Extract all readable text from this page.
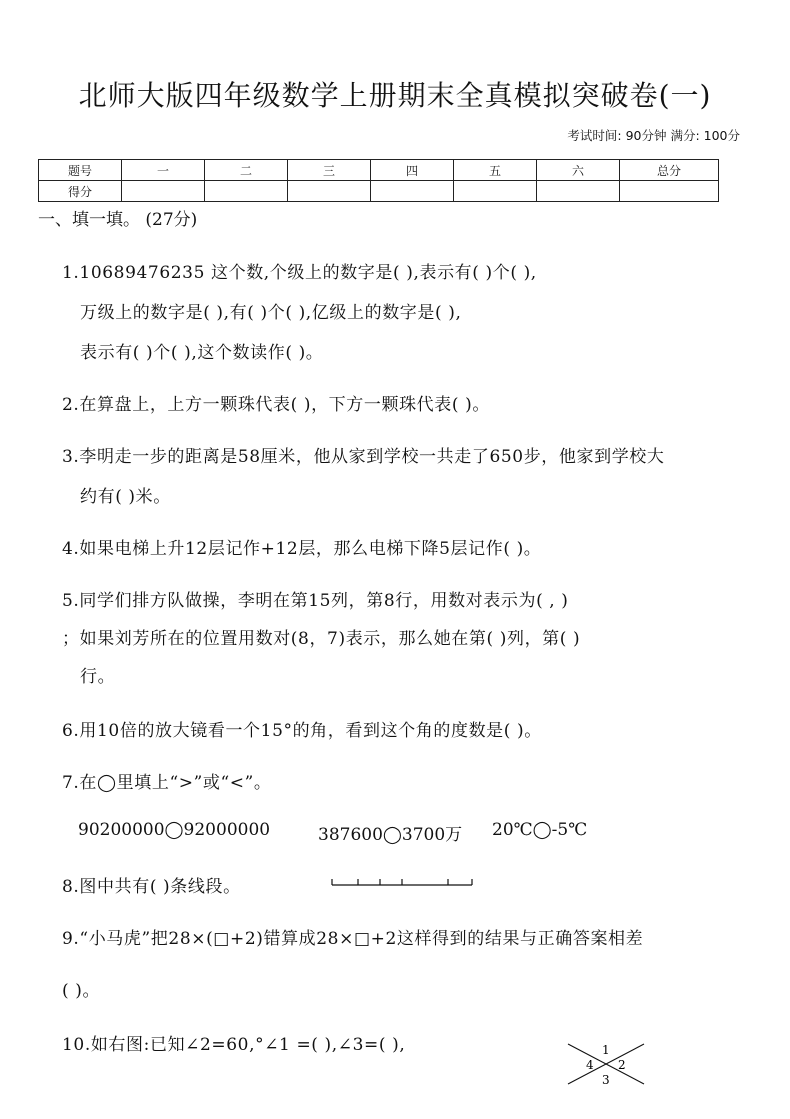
北师大版四年级数学上册期末全真模拟突破卷(一)
考试时间: 90分钟 满分: 100分
题号	一	二	三	四	五	六	总分
得分							
一、填一填。 (27分)
1.10689476235 这个数,个级上的数字是( ),表示有( )个( ),
万级上的数字是( ),有( )个( ),亿级上的数字是( ),
表示有( )个( ),这个数读作( )。
2.在算盘上，上方一颗珠代表( )，下方一颗珠代表( )。
3.李明走一步的距离是58厘米，他从家到学校一共走了650步，他家到学校大
约有( )米。
4.如果电梯上升12层记作+12层，那么电梯下降5层记作( )。
5.同学们排方队做操，李明在第15列，第8行，用数对表示为( , )
；如果刘芳所在的位置用数对(8，7)表示，那么她在第( )列，第( )
行。
6.用10倍的放大镜看一个15°的角，看到这个角的度数是( )。
7.在◯里填上“>”或“<”。
90200000◯92000000	387600◯3700万 20℃◯-5℃
8.图中共有( )条线段。
9.“小马虎”把28×(□+2)错算成28×□+2这样得到的结果与正确答案相差
( )。
10.如右图:已知∠2=60,°∠1 =( ),∠3=( ),	1
2
3
4
